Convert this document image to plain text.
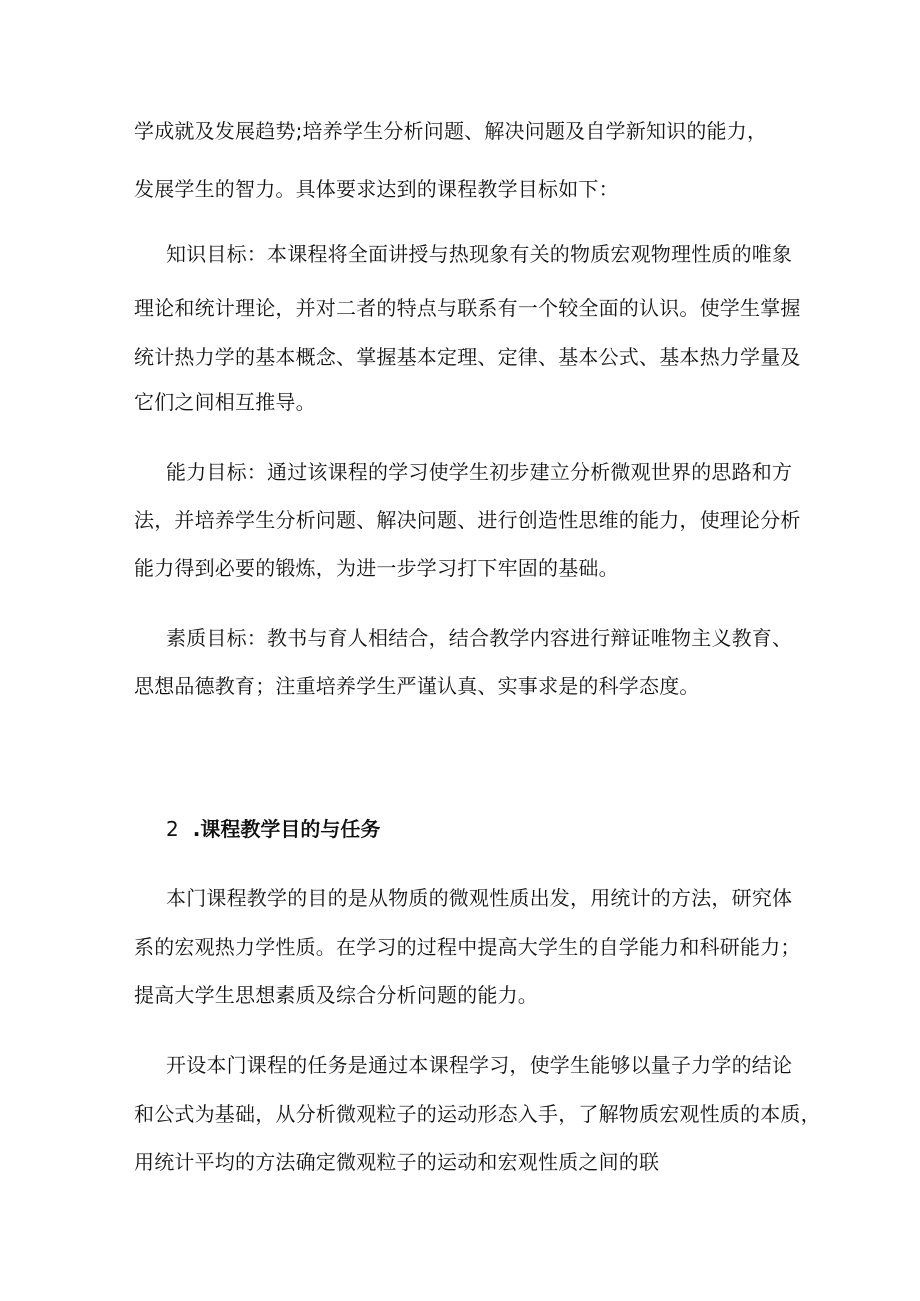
学成就及发展趋势;培养学生分析问题、解决问题及自学新知识的能力，
发展学生的智力。具体要求达到的课程教学目标如下：
知识目标：本课程将全面讲授与热现象有关的物质宏观物理性质的唯象
理论和统计理论，并对二者的特点与联系有一个较全面的认识。使学生掌握
统计热力学的基本概念、掌握基本定理、定律、基本公式、基本热力学量及
它们之间相互推导。
能力目标：通过该课程的学习使学生初步建立分析微观世界的思路和方
法，并培养学生分析问题、解决问题、进行创造性思维的能力，使理论分析
能力得到必要的锻炼，为进一步学习打下牢固的基础。
素质目标：教书与育人相结合，结合教学内容进行辩证唯物主义教育、
思想品德教育；注重培养学生严谨认真、实事求是的科学态度。
2 .课程教学目的与任务
本门课程教学的目的是从物质的微观性质出发，用统计的方法，研究体
系的宏观热力学性质。在学习的过程中提高大学生的自学能力和科研能力；
提高大学生思想素质及综合分析问题的能力。
开设本门课程的任务是通过本课程学习，使学生能够以量子力学的结论
和公式为基础，从分析微观粒子的运动形态入手，了解物质宏观性质的本质，
用统计平均的方法确定微观粒子的运动和宏观性质之间的联
